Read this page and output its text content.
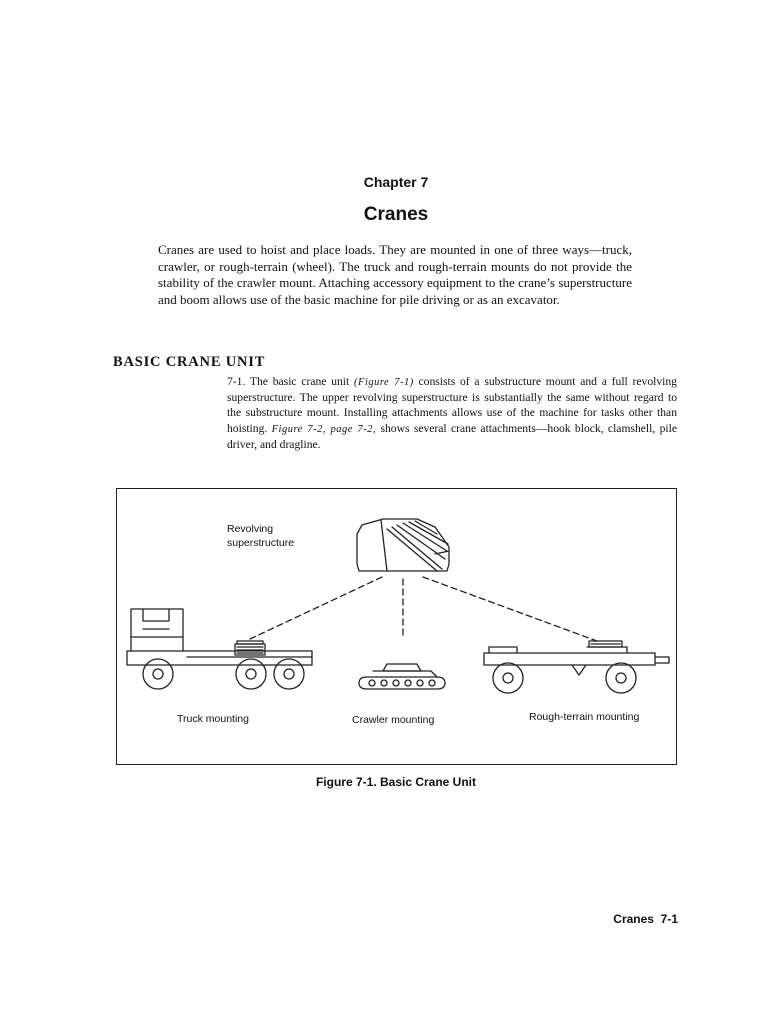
Chapter 7
Cranes

Cranes are used to hoist and place loads. They are mounted in one of three ways—truck, crawler, or rough-terrain (wheel). The truck and rough-terrain mounts do not provide the stability of the crawler mount. Attaching accessory equipment to the crane’s superstructure and boom allows use of the basic machine for pile driving or as an excavator.

BASIC CRANE UNIT

7-1. The basic crane unit (Figure 7-1) consists of a substructure mount and a full revolving superstructure. The upper revolving superstructure is substantially the same without regard to the substructure mount. Installing attachments allows use of the machine for tasks other than hoisting. Figure 7-2, page 7-2, shows several crane attachments—hook block, clamshell, pile driver, and dragline.

Revolving
superstructure
Truck mounting	Crawler mounting	Rough-terrain mounting
Figure 7-1. Basic Crane Unit
Cranes  7-1
